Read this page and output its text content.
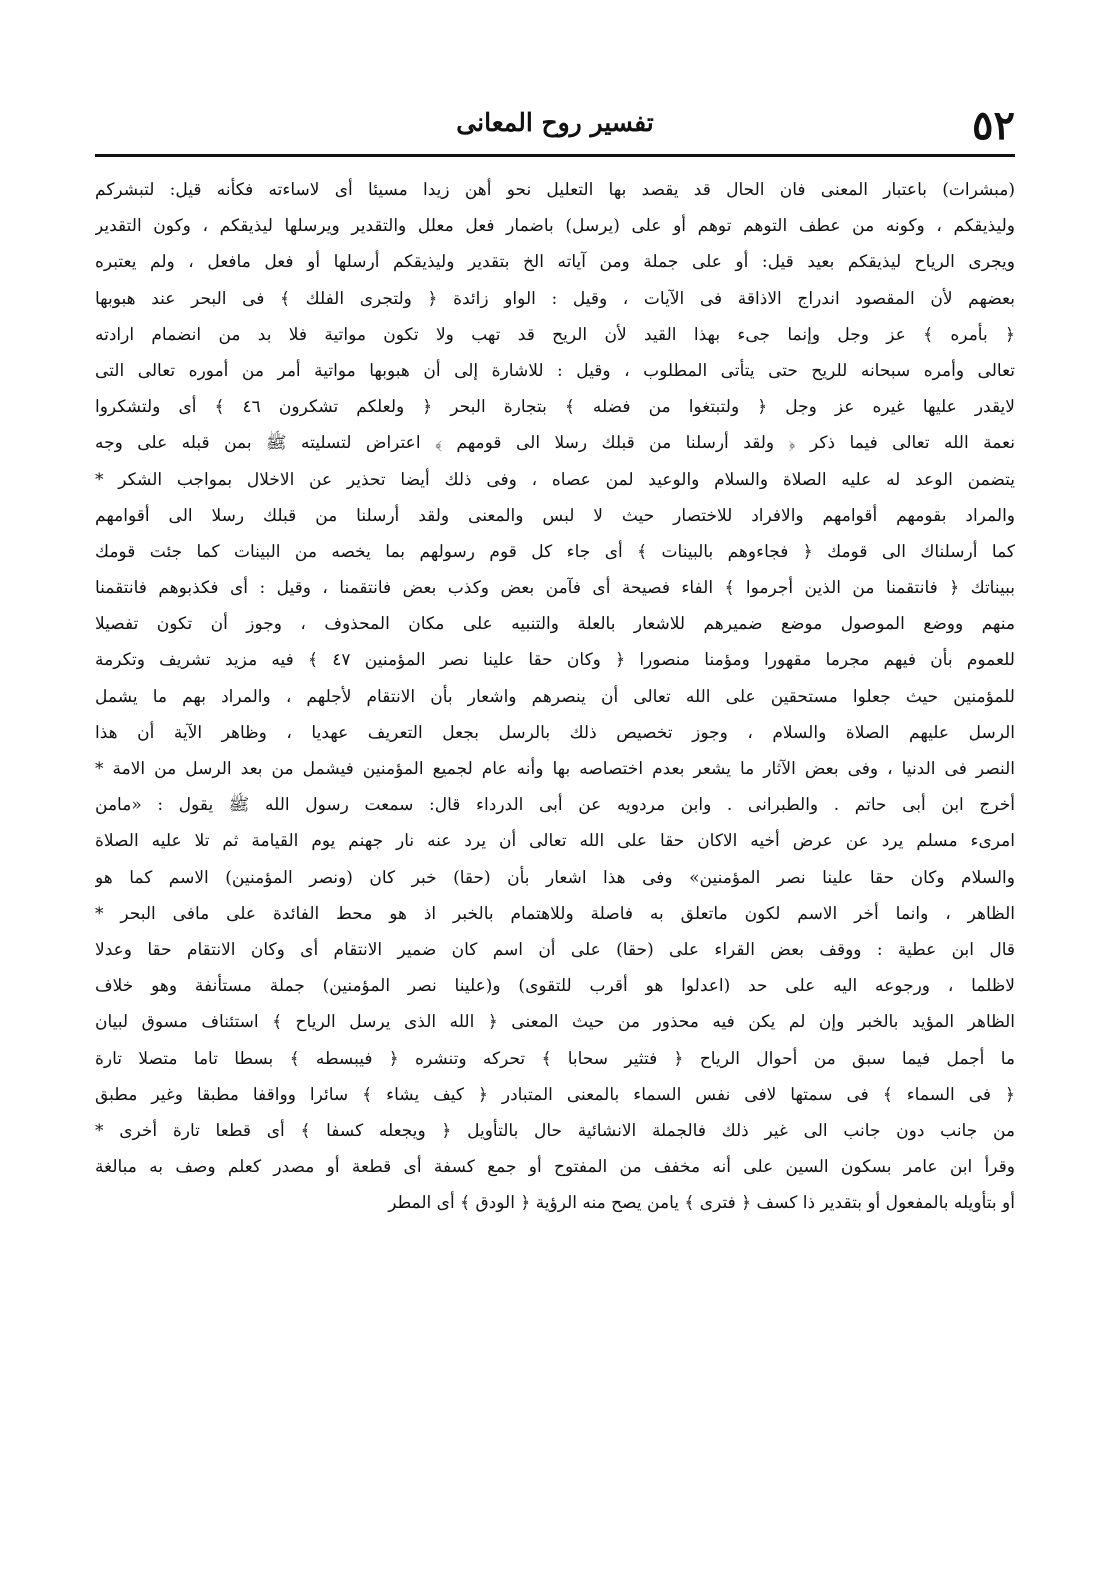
تفسير روح المعانى	٥٢
(مبشرات) باعتبار المعنى فان الحال قد يقصد بها التعليل نحو أهن زيدا مسيئا أى لاساءته فكأنه قيل: لتبشركم
وليذيقكم ، وكونه من عطف التوهم توهم أو على (يرسل) باضمار فعل معلل والتقدير ويرسلها ليذيقكم ، وكون التقدير
ويجرى الرياح ليذيقكم بعيد قيل: أو على جملة ومن آياته الخ بتقدير وليذيقكم أرسلها أو فعل مافعل ، ولم يعتبره
بعضهم لأن المقصود اندراج الاذاقة فى الآيات ، وقيل : الواو زائدة ﴿ ولتجرى الفلك ﴾ فى البحر عند هبوبها
﴿ بأمره ﴾ عز وجل وإنما جىء بهذا القيد لأن الريح قد تهب ولا تكون مواتية فلا بد من انضمام ارادته
تعالى وأمره سبحانه للريح حتى يتأتى المطلوب ، وقيل : للاشارة إلى أن هبوبها مواتية أمر من أموره تعالى التى
لايقدر عليها غيره عز وجل ﴿ ولتبتغوا من فضله ﴾ بتجارة البحر ﴿ ولعلكم تشكرون ٤٦ ﴾ أى ولتشكروا
نعمة الله تعالى فيما ذكر ﴿ ولقد أرسلنا من قبلك رسلا الى قومهم ﴾ اعتراض لتسليته ﷺ بمن قبله على وجه
يتضمن الوعد له عليه الصلاة والسلام والوعيد لمن عصاه ، وفى ذلك أيضا تحذير عن الاخلال بمواجب الشكر *
والمراد بقومهم أقوامهم والافراد للاختصار حيث لا لبس والمعنى ولقد أرسلنا من قبلك رسلا الى أقوامهم
كما أرسلناك الى قومك ﴿ فجاءوهم بالبينات ﴾ أى جاء كل قوم رسولهم بما يخصه من البينات كما جئت قومك
ببيناتك ﴿ فانتقمنا من الذين أجرموا ﴾ الفاء فصيحة أى فآمن بعض وكذب بعض فانتقمنا ، وقيل : أى فكذبوهم فانتقمنا
منهم ووضع الموصول موضع ضميرهم للاشعار بالعلة والتنبيه على مكان المحذوف ، وجوز أن تكون تفصيلا
للعموم بأن فيهم مجرما مقهورا ومؤمنا منصورا ﴿ وكان حقا علينا نصر المؤمنين ٤٧ ﴾ فيه مزيد تشريف وتكرمة
للمؤمنين حيث جعلوا مستحقين على الله تعالى أن ينصرهم واشعار بأن الانتقام لأجلهم ، والمراد بهم ما يشمل
الرسل عليهم الصلاة والسلام ، وجوز تخصيص ذلك بالرسل بجعل التعريف عهديا ، وظاهر الآية أن هذا
النصر فى الدنيا ، وفى بعض الآثار ما يشعر بعدم اختصاصه بها وأنه عام لجميع المؤمنين فيشمل من بعد الرسل من الامة *
أخرج ابن أبى حاتم . والطبرانى . وابن مردويه عن أبى الدرداء قال: سمعت رسول الله ﷺ يقول : «مامن
امرىء مسلم يرد عن عرض أخيه الاكان حقا على الله تعالى أن يرد عنه نار جهنم يوم القيامة ثم تلا عليه الصلاة
والسلام وكان حقا علينا نصر المؤمنين» وفى هذا اشعار بأن (حقا) خبر كان (ونصر المؤمنين) الاسم كما هو
الظاهر ، وانما أخر الاسم لكون ماتعلق به فاصلة وللاهتمام بالخبر اذ هو محط الفائدة على مافى البحر *
قال ابن عطية : ووقف بعض القراء على (حقا) على أن اسم كان ضمير الانتقام أى وكان الانتقام حقا وعدلا
لاظلما ، ورجوعه اليه على حد (اعدلوا هو أقرب للتقوى) و(علينا نصر المؤمنين) جملة مستأنفة وهو خلاف
الظاهر المؤيد بالخبر وإن لم يكن فيه محذور من حيث المعنى ﴿ الله الذى يرسل الرياح ﴾ استئناف مسوق لبيان
ما أجمل فيما سبق من أحوال الرياح ﴿ فتثير سحابا ﴾ تحركه وتنشره ﴿ فيبسطه ﴾ بسطا تاما متصلا تارة
﴿ فى السماء ﴾ فى سمتها لافى نفس السماء بالمعنى المتبادر ﴿ كيف يشاء ﴾ سائرا وواقفا مطبقا وغير مطبق
من جانب دون جانب الى غير ذلك فالجملة الانشائية حال بالتأويل ﴿ ويجعله كسفا ﴾ أى قطعا تارة أخرى *
وقرأ ابن عامر بسكون السين على أنه مخفف من المفتوح أو جمع كسفة أى قطعة أو مصدر كعلم وصف به مبالغة
أو بتأويله بالمفعول أو بتقدير ذا كسف ﴿ فترى ﴾ يامن يصح منه الرؤية ﴿ الودق ﴾ أى المطر
